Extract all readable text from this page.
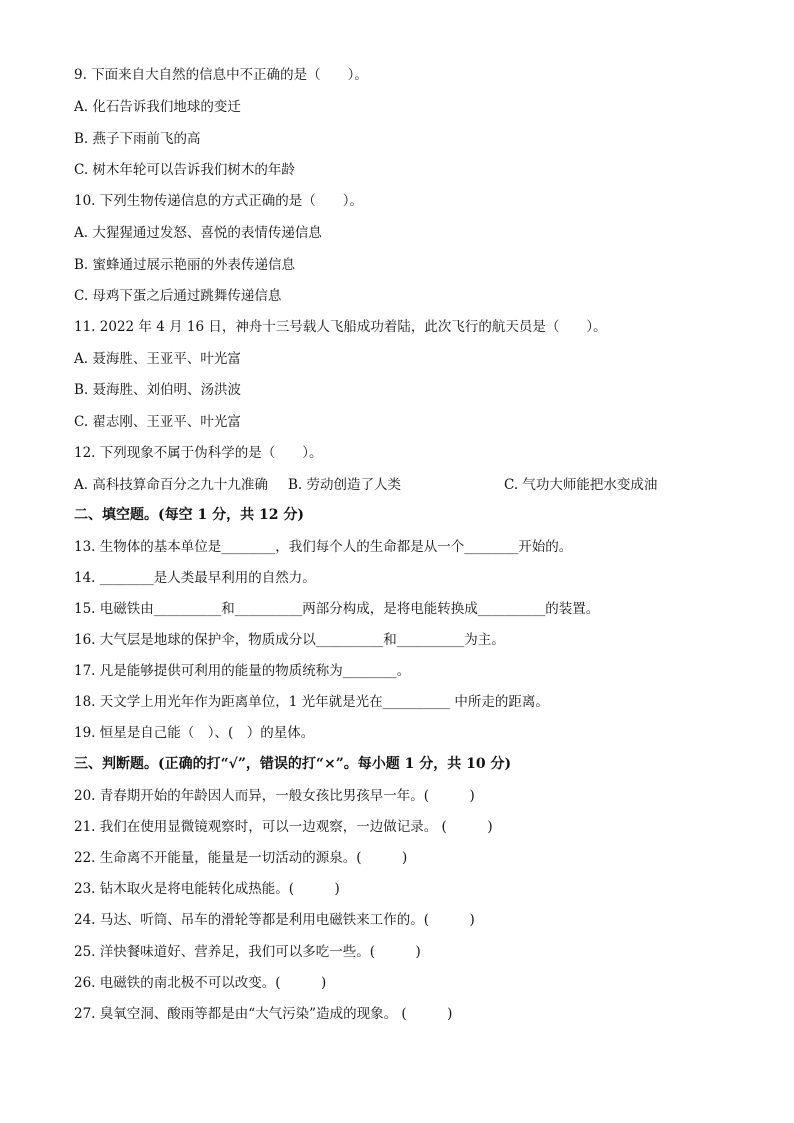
9. 下面来自大自然的信息中不正确的是（　　）。
A. 化石告诉我们地球的变迁
B. 燕子下雨前飞的高
C. 树木年轮可以告诉我们树木的年龄
10. 下列生物传递信息的方式正确的是（　　）。
A. 大猩猩通过发怒、喜悦的表情传递信息
B. 蜜蜂通过展示艳丽的外表传递信息
C. 母鸡下蛋之后通过跳舞传递信息
11. 2022 年 4 月 16 日，神舟十三号载人飞船成功着陆，此次飞行的航天员是（　　）。
A. 聂海胜、王亚平、叶光富
B. 聂海胜、刘伯明、汤洪波
C. 翟志刚、王亚平、叶光富
12. 下列现象不属于伪科学的是（　　）。
A. 高科技算命百分之九十九准确 B. 劳动创造了人类	C. 气功大师能把水变成油
二、填空题。(每空 1 分，共 12 分)
13. 生物体的基本单位是________，我们每个人的生命都是从一个________开始的。
14. ________是人类最早利用的自然力。
15. 电磁铁由__________和__________两部分构成，是将电能转换成__________的装置。
16. 大气层是地球的保护伞，物质成分以__________和__________为主。
17. 凡是能够提供可利用的能量的物质统称为________。
18. 天文学上用光年作为距离单位，1 光年就是光在__________ 中所走的距离。
19. 恒星是自己能（　）、(　）的星体。
三、判断题。(正确的打“√”，错误的打“×”。每小题 1 分，共 10 分)
20. 青春期开始的年龄因人而异，一般女孩比男孩早一年。(　　　)
21. 我们在使用显微镜观察时，可以一边观察，一边做记录。 (　　　)
22. 生命离不开能量，能量是一切活动的源泉。(　　　)
23. 钻木取火是将电能转化成热能。(　　　)
24. 马达、听筒、吊车的滑轮等都是利用电磁铁来工作的。(　　　)
25. 洋快餐味道好、营养足，我们可以多吃一些。(　　　)
26. 电磁铁的南北极不可以改变。(　　　)
27. 臭氧空洞、酸雨等都是由“大气污染”造成的现象。 (　　　)
